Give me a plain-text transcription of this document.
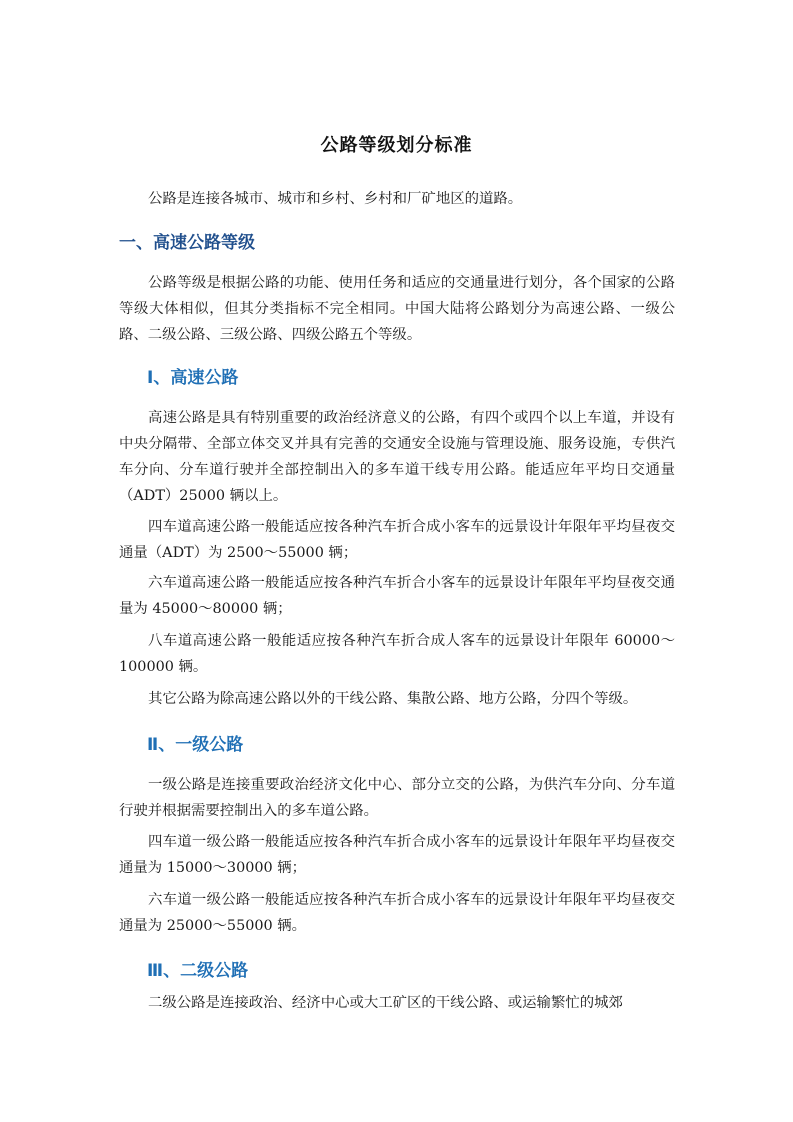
公路等级划分标准
公路是连接各城市、城市和乡村、乡村和厂矿地区的道路。
一、高速公路等级
公路等级是根据公路的功能、使用任务和适应的交通量进行划分，各个国家的公路等级大体相似，但其分类指标不完全相同。中国大陆将公路划分为高速公路、一级公路、二级公路、三级公路、四级公路五个等级。
Ⅰ、高速公路
高速公路是具有特别重要的政治经济意义的公路，有四个或四个以上车道，并设有中央分隔带、全部立体交叉并具有完善的交通安全设施与管理设施、服务设施，专供汽车分向、分车道行驶并全部控制出入的多车道干线专用公路。能适应年平均日交通量（ADT）25000 辆以上。
四车道高速公路一般能适应按各种汽车折合成小客车的远景设计年限年平均昼夜交通量（ADT）为 2500～55000 辆；
六车道高速公路一般能适应按各种汽车折合小客车的远景设计年限年平均昼夜交通量为 45000～80000 辆；
八车道高速公路一般能适应按各种汽车折合成人客车的远景设计年限年 60000～100000 辆。
其它公路为除高速公路以外的干线公路、集散公路、地方公路，分四个等级。
Ⅱ、一级公路
一级公路是连接重要政治经济文化中心、部分立交的公路，为供汽车分向、分车道行驶并根据需要控制出入的多车道公路。
四车道一级公路一般能适应按各种汽车折合成小客车的远景设计年限年平均昼夜交通量为 15000～30000 辆；
六车道一级公路一般能适应按各种汽车折合成小客车的远景设计年限年平均昼夜交通量为 25000～55000 辆。
Ⅲ、二级公路
二级公路是连接政治、经济中心或大工矿区的干线公路、或运输繁忙的城郊
